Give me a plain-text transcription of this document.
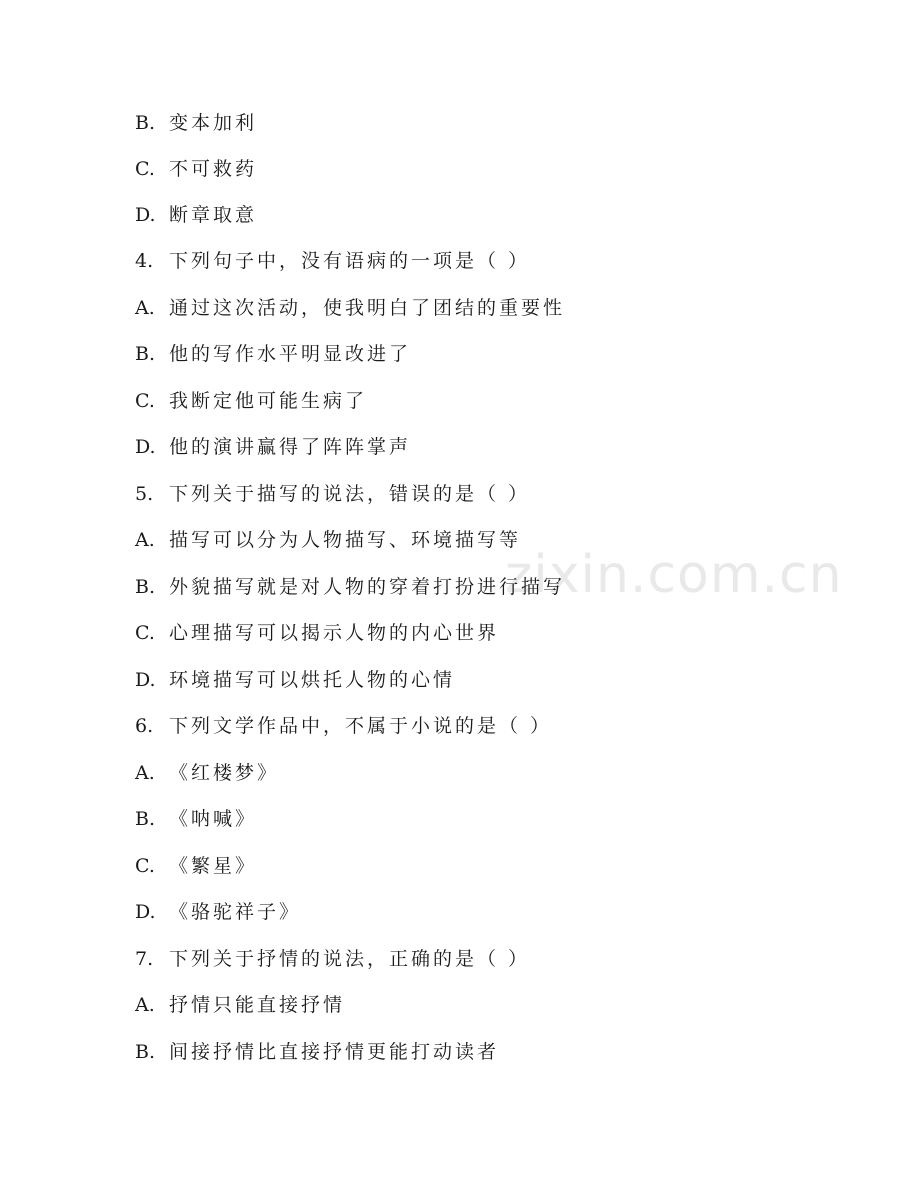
zixin.com.cn
B. 变本加利
C. 不可救药
D. 断章取意
4. 下列句子中，没有语病的一项是（ ）
A. 通过这次活动，使我明白了团结的重要性
B. 他的写作水平明显改进了
C. 我断定他可能生病了
D. 他的演讲赢得了阵阵掌声
5. 下列关于描写的说法，错误的是（ ）
A. 描写可以分为人物描写、环境描写等
B. 外貌描写就是对人物的穿着打扮进行描写
C. 心理描写可以揭示人物的内心世界
D. 环境描写可以烘托人物的心情
6. 下列文学作品中，不属于小说的是（ ）
A. 《红楼梦》
B. 《呐喊》
C. 《繁星》
D. 《骆驼祥子》
7. 下列关于抒情的说法，正确的是（ ）
A. 抒情只能直接抒情
B. 间接抒情比直接抒情更能打动读者
